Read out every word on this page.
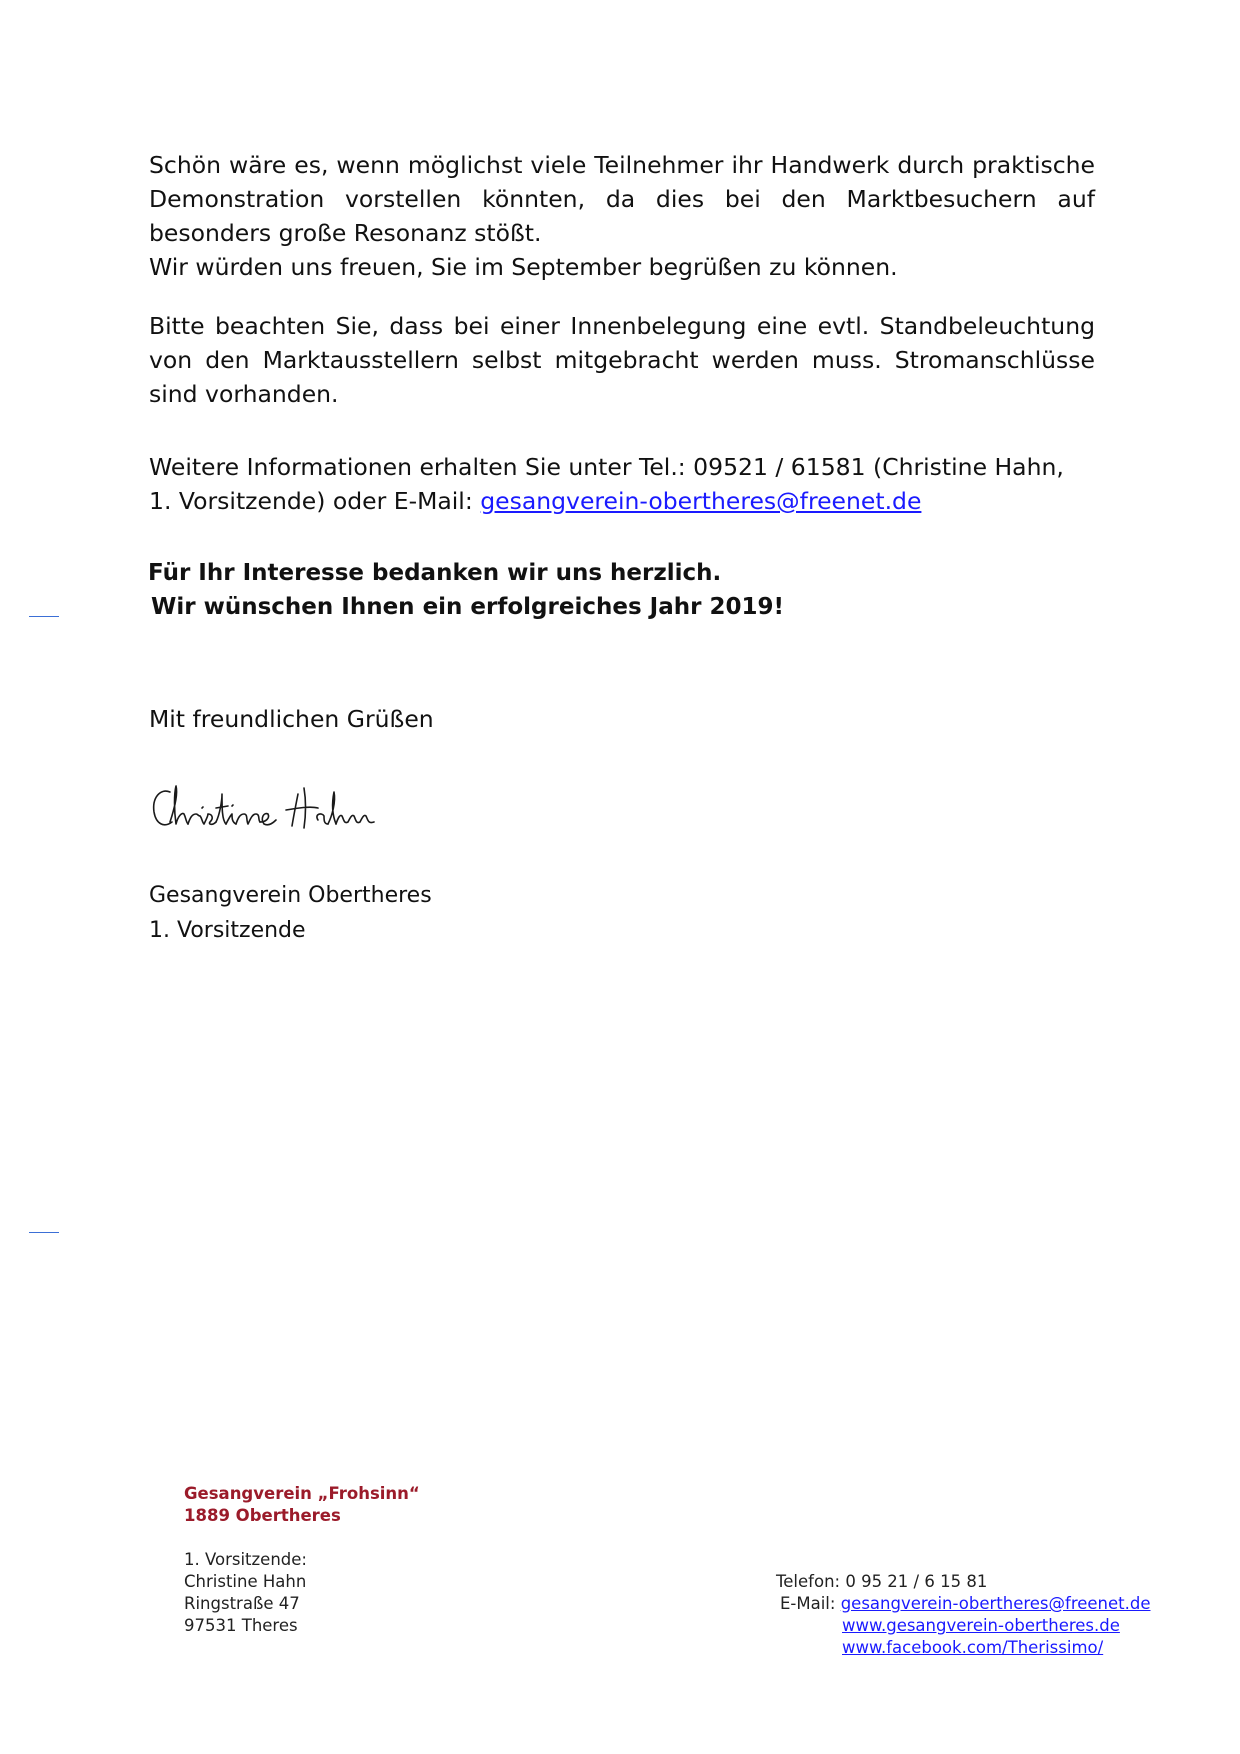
Schön wäre es, wenn möglichst viele Teilnehmer ihr Handwerk durch praktische
Demonstration vorstellen könnten, da dies bei den Marktbesuchern auf
besonders große Resonanz stößt.
Wir würden uns freuen, Sie im September begrüßen zu können.
Bitte beachten Sie, dass bei einer Innenbelegung eine evtl. Standbeleuchtung
von den Marktausstellern selbst mitgebracht werden muss. Stromanschlüsse
sind vorhanden.
Weitere Informationen erhalten Sie unter Tel.: 09521 / 61581 (Christine Hahn,
1. Vorsitzende) oder E-Mail: gesangverein-obertheres@freenet.de
Für Ihr Interesse bedanken wir uns herzlich.
Wir wünschen Ihnen ein erfolgreiches Jahr 2019!
Mit freundlichen Grüßen
Gesangverein Obertheres
1. Vorsitzende
Gesangverein „Frohsinn“
1889 Obertheres
1. Vorsitzende:
Christine Hahn
Ringstraße 47
97531 Theres
Telefon: 0 95 21 / 6 15 81
E-Mail: gesangverein-obertheres@freenet.de
www.gesangverein-obertheres.de
www.facebook.com/Therissimo/
